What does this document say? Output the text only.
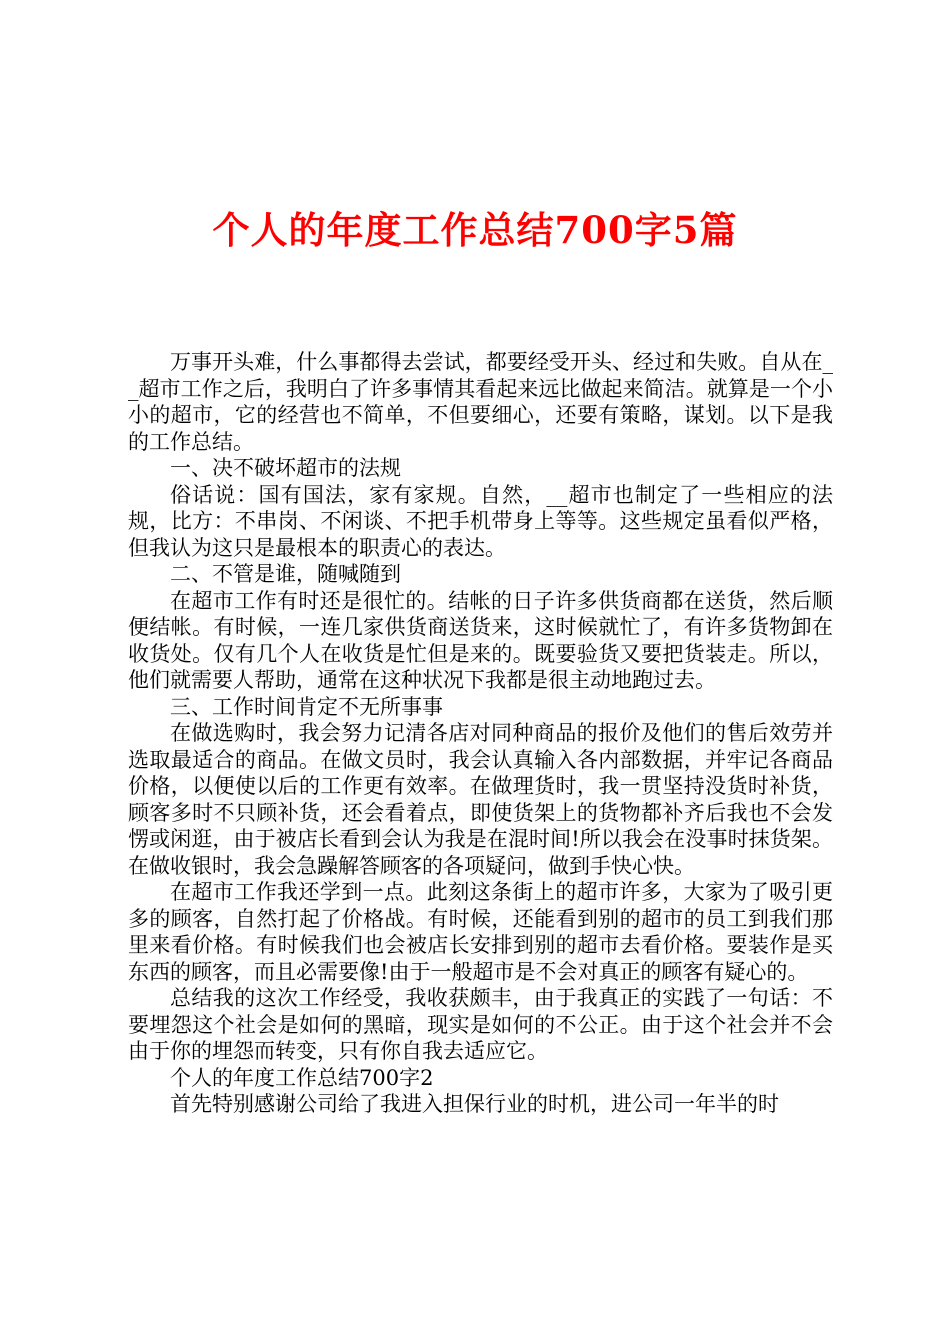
个人的年度工作总结700字5篇

万事开头难，什么事都得去尝试，都要经受开头、经过和失败。自从在__超市工作之后，我明白了许多事情其看起来远比做起来简洁。就算是一个小小的超市，它的经营也不简单，不但要细心，还要有策略，谋划。以下是我的工作总结。

一、决不破坏超市的法规

俗话说：国有国法，家有家规。自然，__超市也制定了一些相应的法规，比方：不串岗、不闲谈、不把手机带身上等等。这些规定虽看似严格，但我认为这只是最根本的职责心的表达。

二、不管是谁，随喊随到

在超市工作有时还是很忙的。结帐的日子许多供货商都在送货，然后顺便结帐。有时候，一连几家供货商送货来，这时候就忙了，有许多货物卸在收货处。仅有几个人在收货是忙但是来的。既要验货又要把货装走。所以，他们就需要人帮助，通常在这种状况下我都是很主动地跑过去。

三、工作时间肯定不无所事事

在做选购时，我会努力记清各店对同种商品的报价及他们的售后效劳并选取最适合的商品。在做文员时，我会认真输入各内部数据，并牢记各商品价格，以便使以后的工作更有效率。在做理货时，我一贯坚持没货时补货，顾客多时不只顾补货，还会看着点，即使货架上的货物都补齐后我也不会发愣或闲逛，由于被店长看到会认为我是在混时间!所以我会在没事时抹货架。在做收银时，我会急躁解答顾客的各项疑问，做到手快心快。

在超市工作我还学到一点。此刻这条街上的超市许多，大家为了吸引更多的顾客，自然打起了价格战。有时候，还能看到别的超市的员工到我们那里来看价格。有时候我们也会被店长安排到别的超市去看价格。要装作是买东西的顾客，而且必需要像!由于一般超市是不会对真正的顾客有疑心的。

总结我的这次工作经受，我收获颇丰，由于我真正的实践了一句话：不要埋怨这个社会是如何的黑暗，现实是如何的不公正。由于这个社会并不会由于你的埋怨而转变，只有你自我去适应它。

个人的年度工作总结700字2

首先特别感谢公司给了我进入担保行业的时机，进公司一年半的时
